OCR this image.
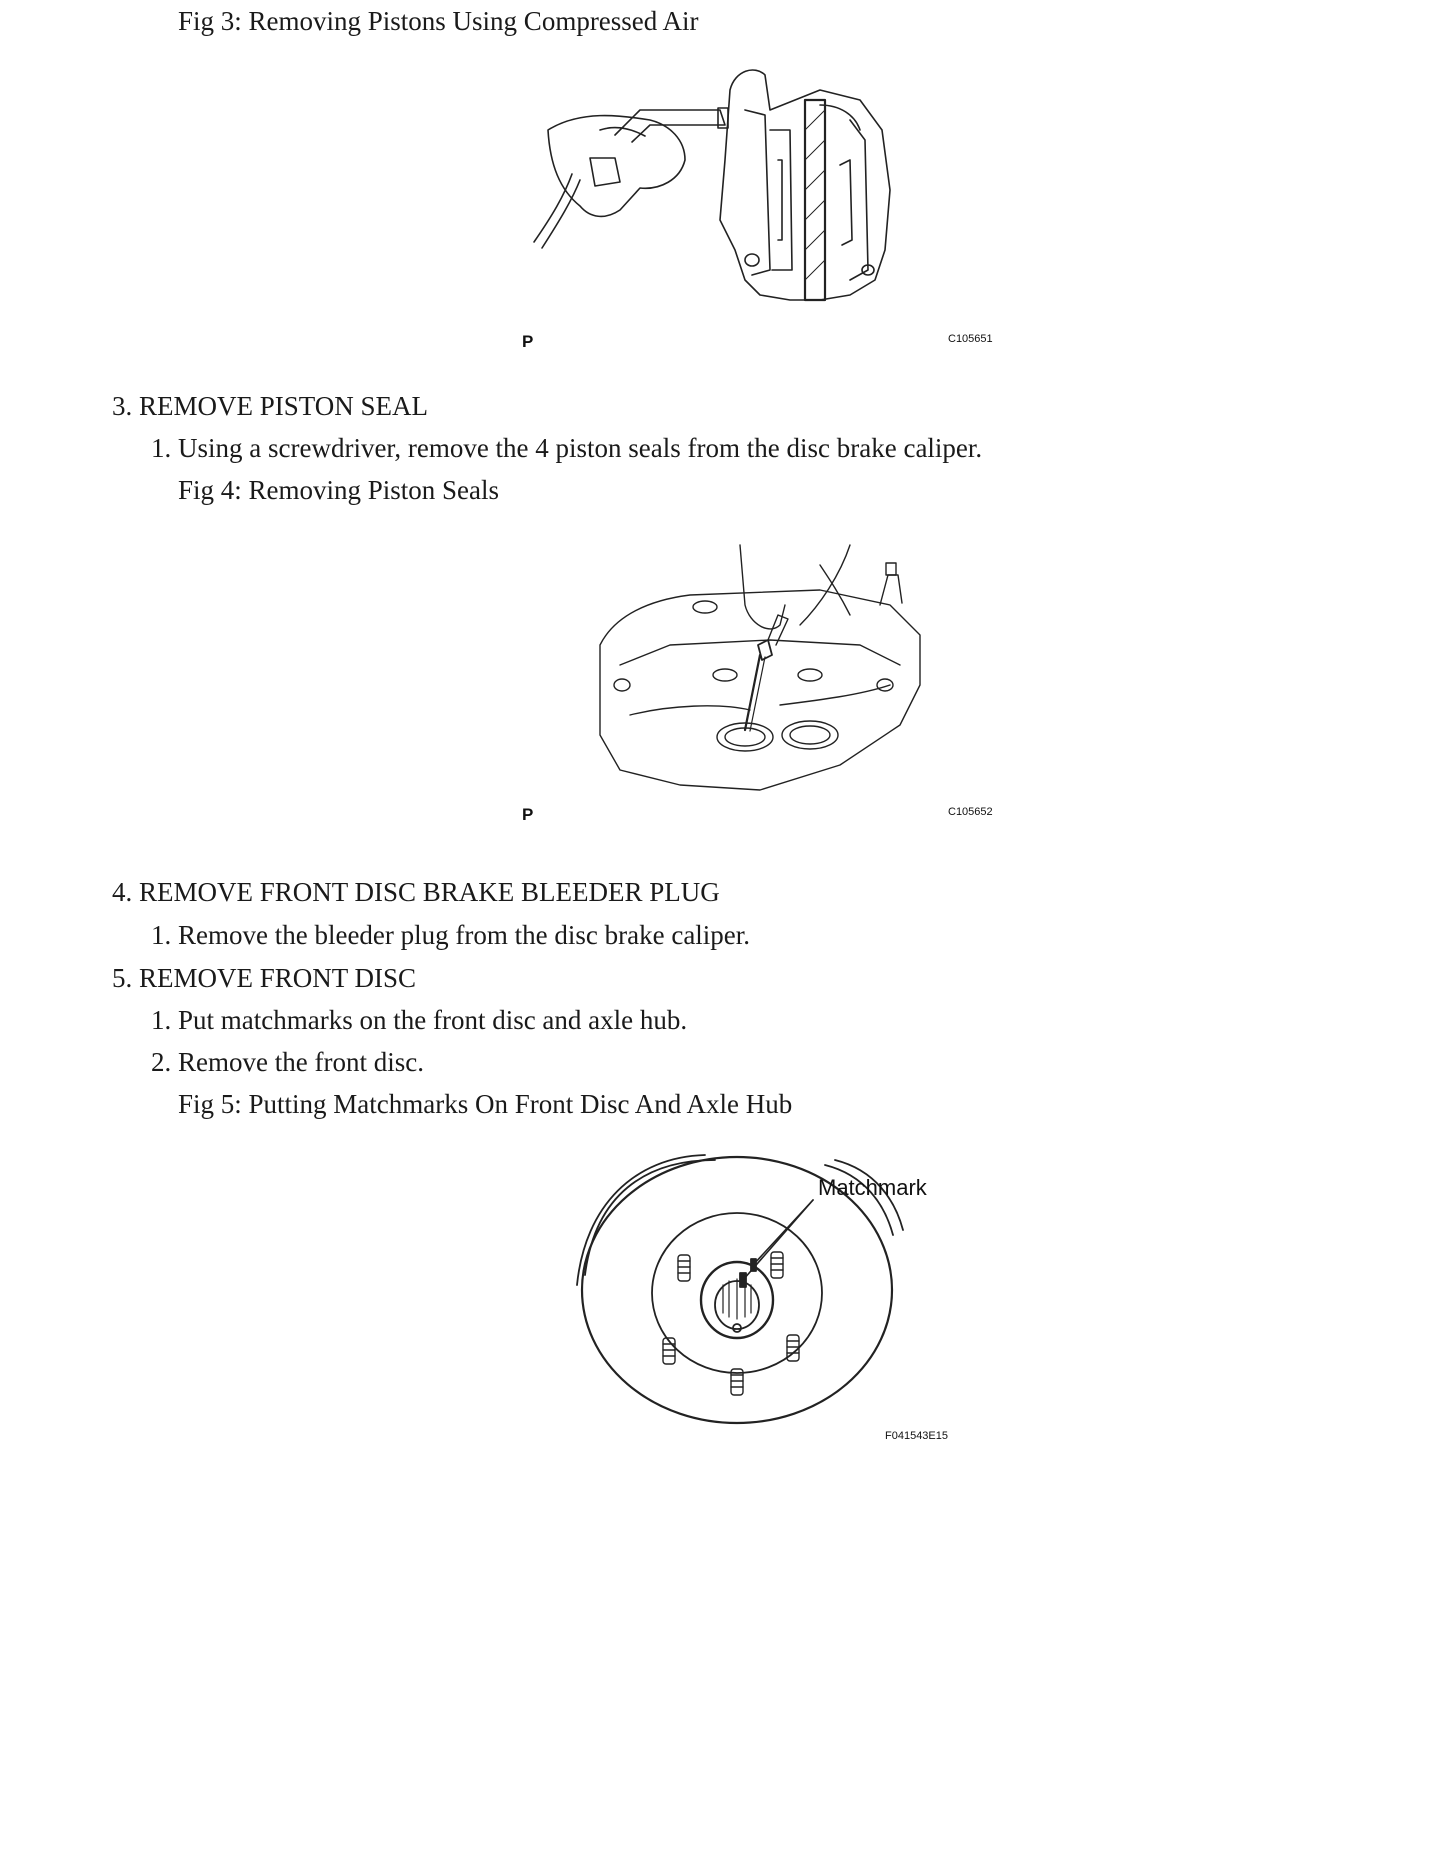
Fig 3: Removing Pistons Using Compressed Air
P	C105651
3. REMOVE PISTON SEAL
1. Using a screwdriver, remove the 4 piston seals from the disc brake caliper.
Fig 4: Removing Piston Seals
P	C105652
4. REMOVE FRONT DISC BRAKE BLEEDER PLUG
1. Remove the bleeder plug from the disc brake caliper.
5. REMOVE FRONT DISC
1. Put matchmarks on the front disc and axle hub.
2. Remove the front disc.
Fig 5: Putting Matchmarks On Front Disc And Axle Hub
Matchmark
F041543E15
